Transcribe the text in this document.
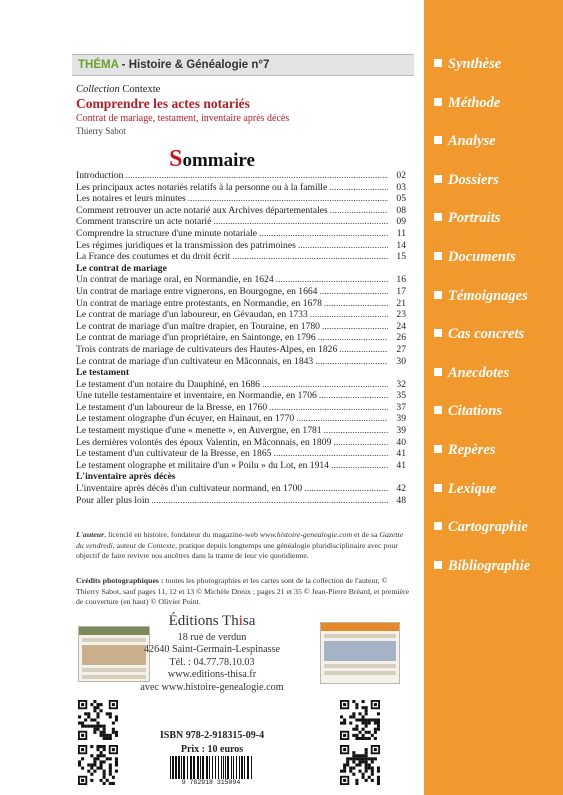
THÉMA - Histoire & Généalogie n°7
Collection Contexte
Comprendre les actes notariés
Contrat de mariage, testament, inventaire après décès
Thierry Sabot
Sommaire
Introduction .....	02
Les principaux actes notariés relatifs à la personne ou à la famille .....	03
Les notaires et leurs minutes .....	05
Comment retrouver un acte notarié aux Archives départementales .....	08
Comment transcrire un acte notarié .....	09
Comprendre la structure d'une minute notariale .....	11
Les régimes juridiques et la transmission des patrimoines .....	14
La France des coutumes et du droit écrit .....	15
Le contrat de mariage
Un contrat de mariage oral, en Normandie, en 1624 .....	16
Un contrat de mariage entre vignerons, en Bourgogne, en 1664 .....	17
Un contrat de mariage entre protestants, en Normandie, en 1678 .....	21
Le contrat de mariage d'un laboureur, en Gévaudan, en 1733 .....	23
Le contrat de mariage d'un maître drapier, en Touraine, en 1780 .....	24
Le contrat de mariage d'un propriétaire, en Saintonge, en 1796 .....	26
Trois contrats de mariage de cultivateurs des Hautes-Alpes, en 1826 .....	27
Le contrat de mariage d'un cultivateur en Mâconnais, en 1843 .....	30
Le testament
Le testament d'un notaire du Dauphiné, en 1686 .....	32
Une tutelle testamentaire et inventaire, en Normandie, en 1706 .....	35
Le testament d'un laboureur de la Bresse, en 1760 .....	37
Le testament olographe d'un écuyer, en Hainaut, en 1770 .....	39
Le testament mystique d'une « menette », en Auvergne, en 1781 .....	39
Les dernières volontés des époux Valentin, en Mâconnais, en 1809 .....	40
Le testament d'un cultivateur de la Bresse, en 1865 .....	41
Le testament olographe et militaire d'un « Poilu » du Lot, en 1914 .....	41
L'inventaire après décès
L'inventaire après décès d'un cultivateur normand, en 1700 .....	42
Pour aller plus loin .....	48
L'auteur, licencié en histoire, fondateur du magazine-web www.histoire-genealogie.com et de sa Gazette du vendredi, auteur de Contexte, pratique depuis longtemps une généalogie pluridisciplinaire avec pour objectif de faire revivre nos ancêtres dans la trame de leur vie quotidienne.
Crédits photographiques : toutes les photographies et les cartes sont de la collection de l'auteur, © Thierry Sabot, sauf pages 11, 12 et 13 © Michèle Dreux ; pages 21 et 35 © Jean-Pierre Bréard, et première de couverture (en haut) © Olivier Point.
Éditions Thisa
18 rue de verdun
42640 Saint-Germain-Lespinasse
Tél. : 04.77.78.10.03
www.editions-thisa.fr
avec www.histoire-genealogie.com
ISBN 978-2-918315-09-4
Prix : 10 euros
9 782918 315094
Synthèse
Méthode
Analyse
Dossiers
Portraits
Documents
Témoignages
Cas concrets
Anecdotes
Citations
Repères
Lexique
Cartographie
Bibliographie
